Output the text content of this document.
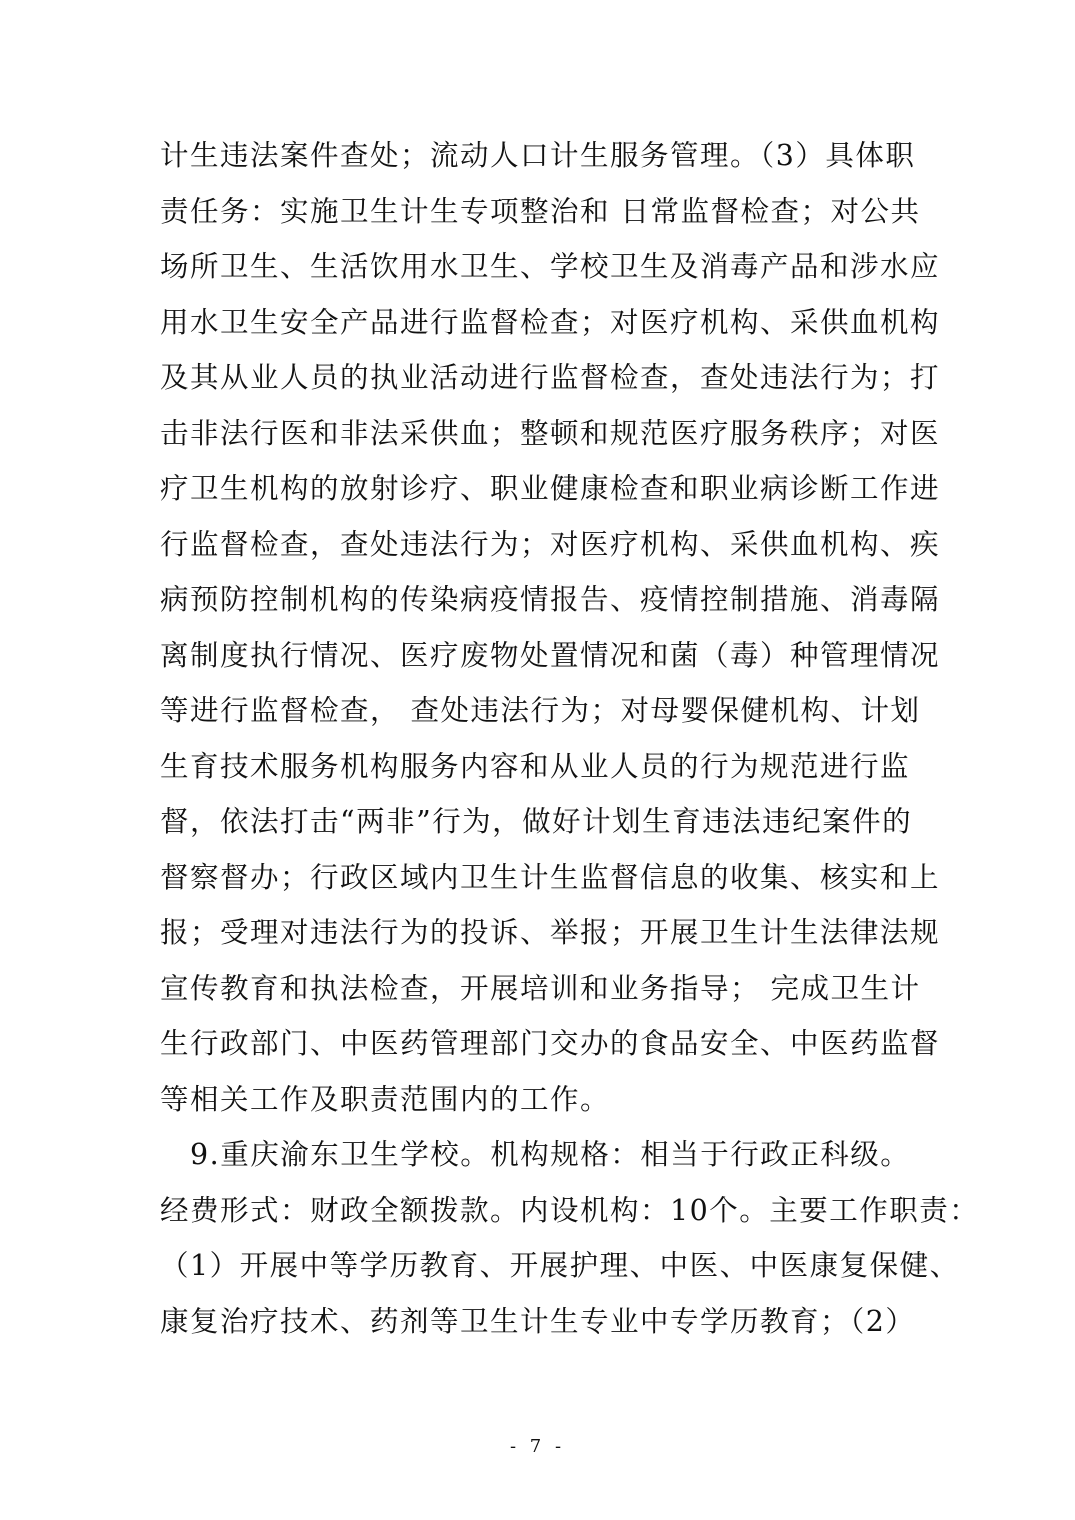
计生违法案件查处；流动人口计生服务管理。（3）具体职
责任务：实施卫生计生专项整治和 日常监督检查；对公共
场所卫生、生活饮用水卫生、学校卫生及消毒产品和涉水应
用水卫生安全产品进行监督检查；对医疗机构、采供血机构
及其从业人员的执业活动进行监督检查，查处违法行为；打
击非法行医和非法采供血；整顿和规范医疗服务秩序；对医
疗卫生机构的放射诊疗、职业健康检查和职业病诊断工作进
行监督检查，查处违法行为；对医疗机构、采供血机构、疾
病预防控制机构的传染病疫情报告、疫情控制措施、消毒隔
离制度执行情况、医疗废物处置情况和菌（毒）种管理情况
等进行监督检查， 查处违法行为；对母婴保健机构、计划
生育技术服务机构服务内容和从业人员的行为规范进行监
督，依法打击“两非”行为，做好计划生育违法违纪案件的
督察督办；行政区域内卫生计生监督信息的收集、核实和上
报；受理对违法行为的投诉、举报；开展卫生计生法律法规
宣传教育和执法检查，开展培训和业务指导； 完成卫生计
生行政部门、中医药管理部门交办的食品安全、中医药监督
等相关工作及职责范围内的工作。
　9.重庆渝东卫生学校。机构规格：相当于行政正科级。
经费形式：财政全额拨款。内设机构：10个。主要工作职责：
（1）开展中等学历教育、开展护理、中医、中医康复保健、
康复治疗技术、药剂等卫生计生专业中专学历教育；（2）
- 7 -
